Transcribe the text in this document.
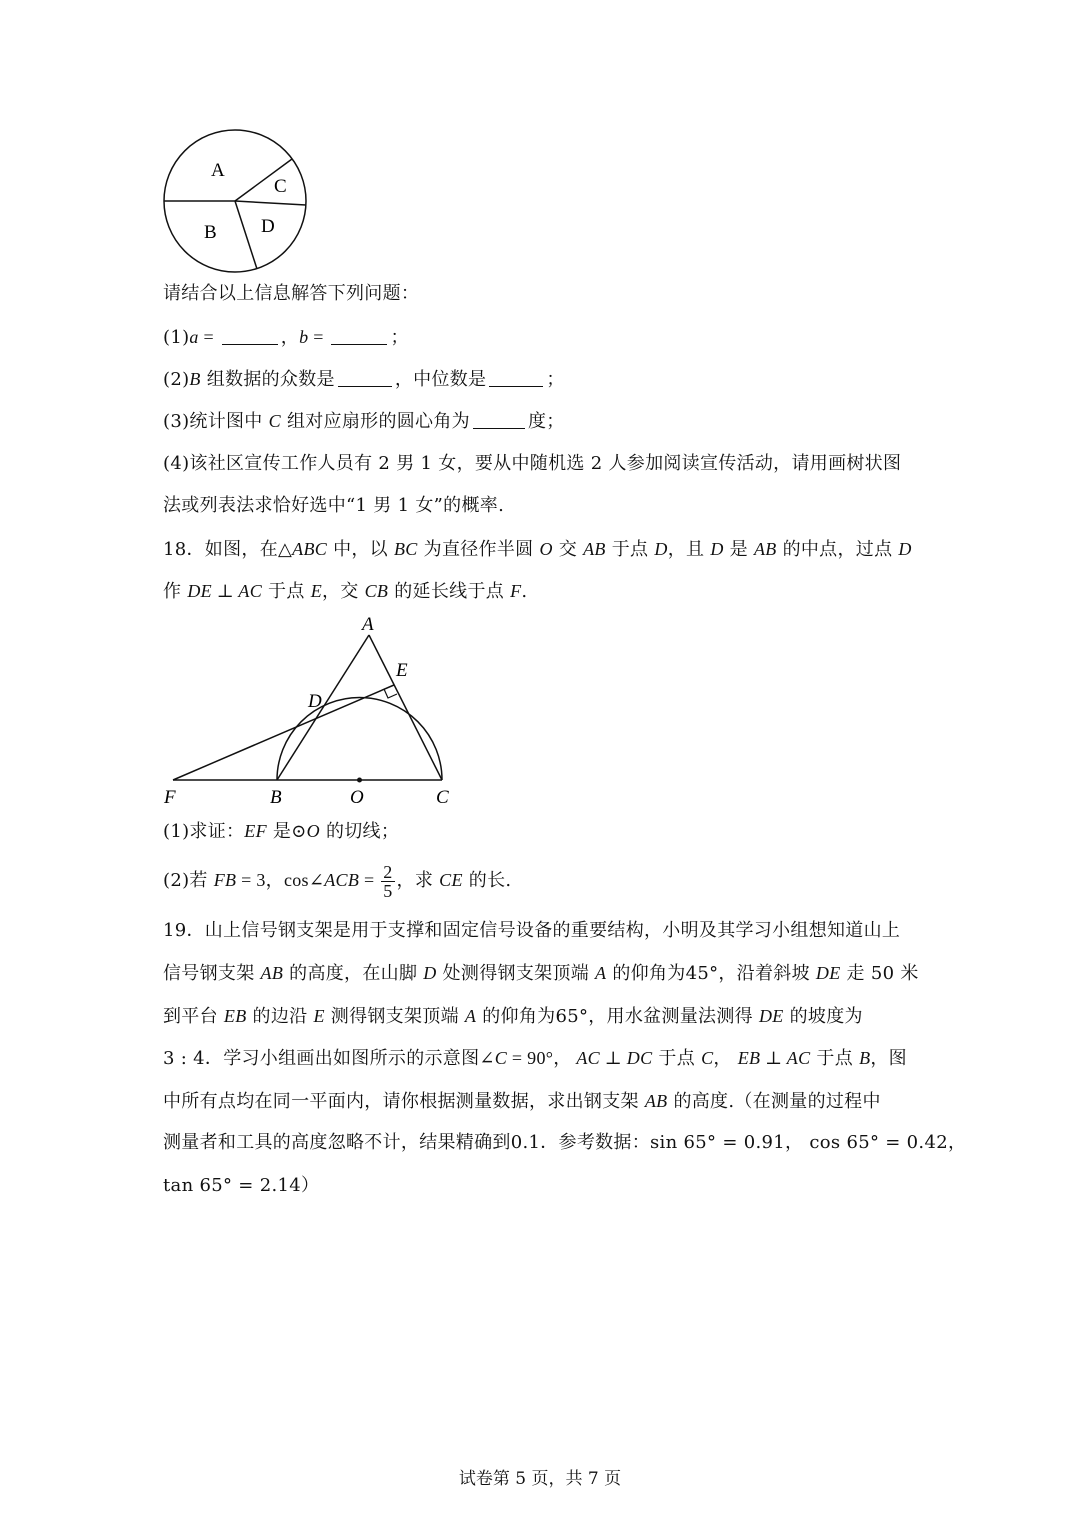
A
C
B D
请结合以上信息解答下列问题：
(1)a =	，b =	；
(2)B 组数据的众数是	，中位数是	；
(3)统计图中 C 组对应扇形的圆心角为	度；
(4)该社区宣传工作人员有 2 男 1 女，要从中随机选 2 人参加阅读宣传活动，请用画树状图
法或列表法求恰好选中“1 男 1 女”的概率.
18．如图，在△ABC 中，以 BC 为直径作半圆 O 交 AB 于点 D，且 D 是 AB 的中点，过点 D
作 DE ⊥ AC 于点 E，交 CB 的延长线于点 F.
A
E
D
F	B	O	C
(1)求证：EF 是⊙O 的切线；
(2)若 FB = 3，cos∠ACB = $\frac{2}{5}$ ，求 CE 的长.
19．山上信号钢支架是用于支撑和固定信号设备的重要结构，小明及其学习小组想知道山上
信号钢支架 AB 的高度，在山脚 D 处测得钢支架顶端 A 的仰角为45°，沿着斜坡 DE 走 50 米
到平台 EB 的边沿 E 测得钢支架顶端 A 的仰角为65°，用水盆测量法测得 DE 的坡度为
3 : 4．学习小组画出如图所示的示意图∠C = 90°， AC ⊥ DC 于点 C， EB ⊥ AC 于点 B，图
中所有点均在同一平面内，请你根据测量数据，求出钢支架 AB 的高度.（在测量的过程中
测量者和工具的高度忽略不计，结果精确到0.1．参考数据：sin 65° = 0.91， cos 65° = 0.42，
tan 65° = 2.14）
试卷第 5 页，共 7 页
